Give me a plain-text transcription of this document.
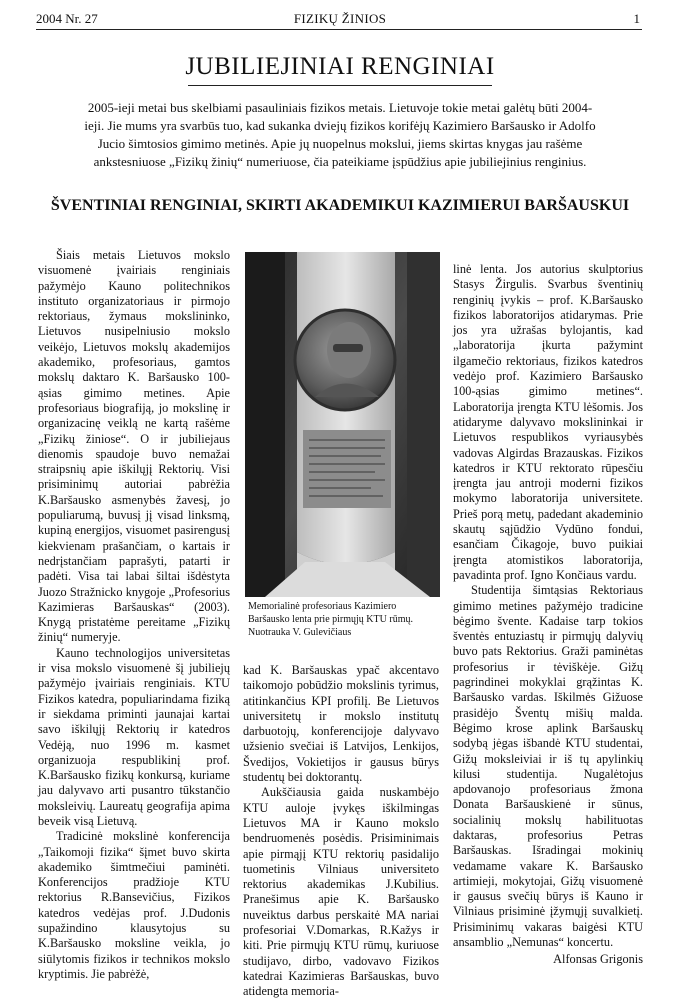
2004 Nr. 27	FIZIKŲ ŽINIOS	1
JUBILIEJINIAI RENGINIAI
2005-ieji metai bus skelbiami pasauliniais fizikos metais. Lietuvoje tokie metai galėtų būti 2004-ieji. Jie mums yra svarbūs tuo, kad sukanka dviejų fizikos korifėjų Kazimiero Baršausko ir Adolfo Jucio šimtosios gimimo metinės. Apie jų nuopelnus mokslui, jiems skirtas knygas jau rašėme ankstesniuose „Fizikų žinių“ numeriuose, čia pateikiame įspūdžius apie jubiliejinius renginius.
ŠVENTINIAI RENGINIAI, SKIRTI AKADEMIKUI KAZIMIERUI BARŠAUSKUI

Šiais metais Lietuvos mokslo visuomenė įvairiais renginiais pažymėjo Kauno politechnikos instituto organizatoriaus ir pirmojo rektoriaus, žymaus mokslininko, Lietuvos nusipelniusio mokslo veikėjo, Lietuvos mokslų akademijos akademiko, profesoriaus, gamtos mokslų daktaro K. Baršausko 100-ąsias gimimo metines. Apie profesoriaus biografiją, jo mokslinę ir organizacinę veiklą ne kartą rašėme „Fizikų žiniose“. O ir jubiliejaus dienomis spaudoje buvo nemažai straipsnių apie iškilųjį Rektorių. Visi prisiminimų autoriai pabrėžia K.Baršausko asmenybės žavesį, jo populiarumą, buvusį jį visad linksmą, kupiną energijos, visuomet pasirengusį kiekvienam prašančiam, o kartais ir nedrįstančiam paprašyti, patarti ir padėti. Visa tai labai šiltai išdėstyta Juozo Stražnicko knygoje „Profesorius Kazimieras Baršauskas“ (2003). Knygą pristatėme pereitame „Fizikų žinių“ numeryje.

Kauno technologijos universitetas ir visa mokslo visuomenė šį jubiliejų pažymėjo įvairiais renginiais. KTU Fizikos katedra, populiarindama fiziką ir siekdama priminti jaunajai kartai savo iškilųjį Rektorių ir katedros Vedėją, nuo 1996 m. kasmet organizuoja respublikinį prof. K.Baršausko fizikų konkursą, kuriame jau dalyvavo arti pusantro tūkstančio moksleivių. Laureatų geografija apima beveik visą Lietuvą.

Tradicinė mokslinė konferencija „Taikomoji fizika“ šįmet buvo skirta akademiko šimtmečiui paminėti. Konferencijos pradžioje KTU rektorius R.Bansevičius, Fizikos katedros vedėjas prof. J.Dudonis supažindino klausytojus su K.Baršausko moksline veikla, jo siūlytomis fizikos ir technikos mokslo kryptimis. Jie pabrėžė,

Memorialinė profesoriaus Kazimiero Baršausko lenta prie pirmųjų KTU rūmų. Nuotrauka V. Gulevičiaus

kad K. Baršauskas ypač akcentavo taikomojo pobūdžio mokslinis tyrimus, atitinkančius KPI profilį. Be Lietuvos universitetų ir mokslo institutų darbuotojų, konferencijoje dalyvavo užsienio svečiai iš Latvijos, Lenkijos, Švedijos, Vokietijos ir gausus būrys studentų bei doktorantų.

Aukščiausia gaida nuskambėjo KTU auloje įvykęs iškilmingas Lietuvos MA ir Kauno mokslo bendruomenės posėdis. Prisiminimais apie pirmąjį KTU rektorių pasidalijo tuometinis Vilniaus universiteto rektorius akademikas J.Kubilius. Pranešimus apie K. Baršausko nuveiktus darbus perskaitė MA nariai profesoriai V.Domarkas, R.Kažys ir kiti. Prie pirmųjų KTU rūmų, kuriuose studijavo, dirbo, vadovavo Fizikos katedrai Kazimieras Baršauskas, buvo atidengta memoria-

linė lenta. Jos autorius skulptorius Stasys Žirgulis. Svarbus šventinių renginių įvykis – prof. K.Baršausko fizikos laboratorijos atidarymas. Prie jos yra užrašas bylojantis, kad „laboratorija įkurta pažymint ilgamečio rektoriaus, fizikos katedros vedėjo prof. Kazimiero Baršausko 100-ąsias gimimo metines“. Laboratorija įrengta KTU lėšomis. Jos atidaryme dalyvavo mokslininkai ir Lietuvos respublikos vyriausybės vadovas Algirdas Brazauskas. Fizikos katedros ir KTU rektorato rūpesčiu įrengta jau antroji moderni fizikos mokymo laboratorija universitete. Prieš porą metų, padedant akademinio skautų sąjūdžio Vydūno fondui, esančiam Čikagoje, buvo puikiai įrengta atomistikos laboratorija, pavadinta prof. Igno Končiaus vardu.

Studentija šimtąsias Rektoriaus gimimo metines pažymėjo tradicine bėgimo švente. Kadaise tarp tokios šventės entuziastų ir pirmųjų dalyvių buvo pats Rektorius. Graži paminėtas profesorius ir tėviškėje. Gižų pagrindinei mokyklai grąžintas K. Baršausko vardas. Iškilmės Gižuose prasidėjo Šventų mišių malda. Bėgimo krose aplink Baršauskų sodybą jėgas išbandė KTU studentai, Gižų moksleiviai ir iš tų apylinkių kilusi studentija. Nugalėtojus apdovanojo profesoriaus žmona Donata Baršauskienė ir sūnus, socialinių mokslų habilituotas daktaras, profesorius Petras Baršauskas. Išradingai mokinių vedamame vakare K. Baršausko artimieji, mokytojai, Gižų visuomenė ir gausus svečių būrys iš Kauno ir Vilniaus prisiminė įžymųjį suvalkietį. Prisiminimų vakaras baigėsi KTU ansamblio „Nemunas“ koncertu.

Alfonsas Grigonis
